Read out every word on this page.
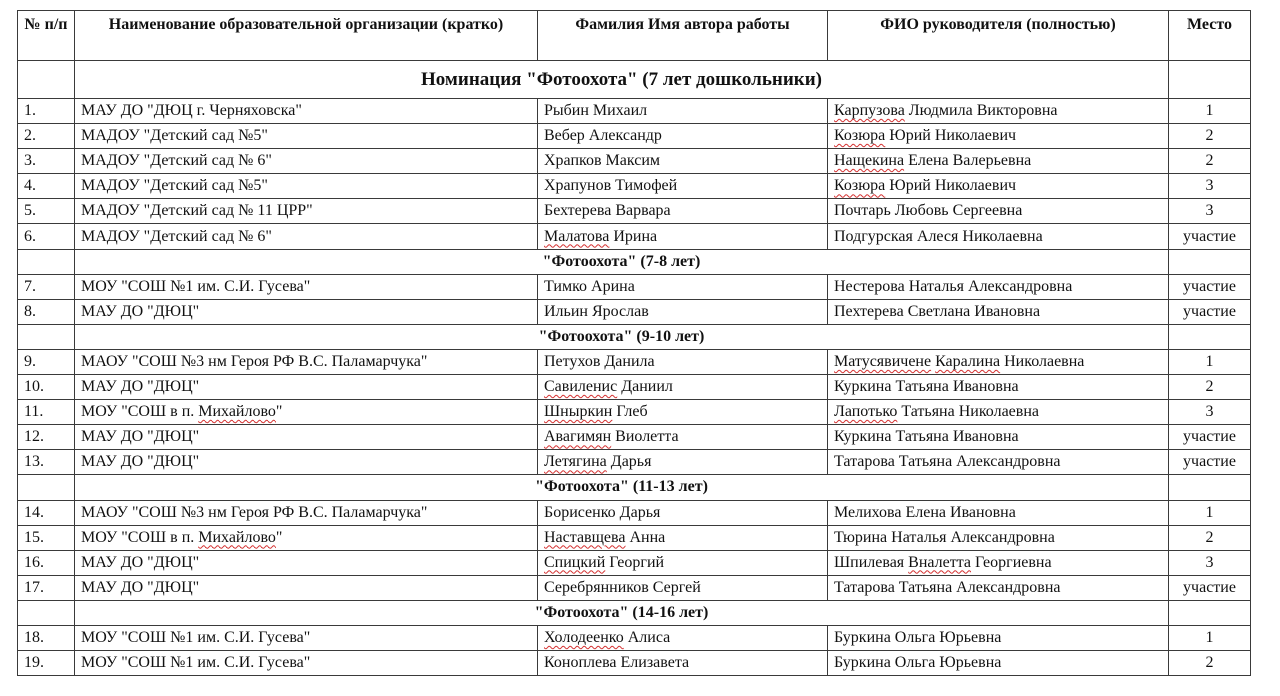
№ п/п	Наименование образовательной организации (кратко)	Фамилия Имя автора работы	ФИО руководителя (полностью)	Место
	Номинация "Фотоохота" (7 лет дошкольники)			
1.	МАУ ДО "ДЮЦ г. Черняховска"	Рыбин Михаил	Карпузова Людмила Викторовна	1
2.	МАДОУ "Детский сад №5"	Вебер Александр	Козюра Юрий Николаевич	2
3.	МАДОУ "Детский сад № 6"	Храпков Максим	Нащекина Елена Валерьевна	2
4.	МАДОУ "Детский сад №5"	Храпунов Тимофей	Козюра Юрий Николаевич	3
5.	МАДОУ "Детский сад № 11 ЦРР"	Бехтерева Варвара	Почтарь Любовь Сергеевна	3
6.	МАДОУ "Детский сад № 6"	Малатова Ирина	Подгурская Алеся Николаевна	участие
	"Фотоохота" (7-8 лет)			
7.	МОУ "СОШ №1 им. С.И. Гусева"	Тимко Арина	Нестерова Наталья Александровна	участие
8.	МАУ ДО "ДЮЦ"	Ильин Ярослав	Пехтерева Светлана Ивановна	участие
	"Фотоохота" (9-10 лет)			
9.	МАОУ "СОШ №3 нм Героя РФ В.С. Паламарчука"	Петухов Данила	Матусявичене Каралина Николаевна	1
10.	МАУ ДО "ДЮЦ"	Савиленис Даниил	Куркина Татьяна Ивановна	2
11.	МОУ "СОШ в п. Михайлово"	Шныркин Глеб	Лапотько Татьяна Николаевна	3
12.	МАУ ДО "ДЮЦ"	Авагимян Виолетта	Куркина Татьяна Ивановна	участие
13.	МАУ ДО "ДЮЦ"	Летягина Дарья	Татарова Татьяна Александровна	участие
	"Фотоохота" (11-13 лет)			
14.	МАОУ "СОШ №3 нм Героя РФ В.С. Паламарчука"	Борисенко Дарья	Мелихова Елена Ивановна	1
15.	МОУ "СОШ в п. Михайлово"	Наставщева Анна	Тюрина Наталья Александровна	2
16.	МАУ ДО "ДЮЦ"	Спицкий Георгий	Шпилевая Вналетта Георгиевна	3
17.	МАУ ДО "ДЮЦ"	Серебрянников Сергей	Татарова Татьяна Александровна	участие
	"Фотоохота" (14-16 лет)			
18.	МОУ "СОШ №1 им. С.И. Гусева"	Холодеенко Алиса	Буркина Ольга Юрьевна	1
19.	МОУ "СОШ №1 им. С.И. Гусева"	Коноплева Елизавета	Буркина Ольга Юрьевна	2
